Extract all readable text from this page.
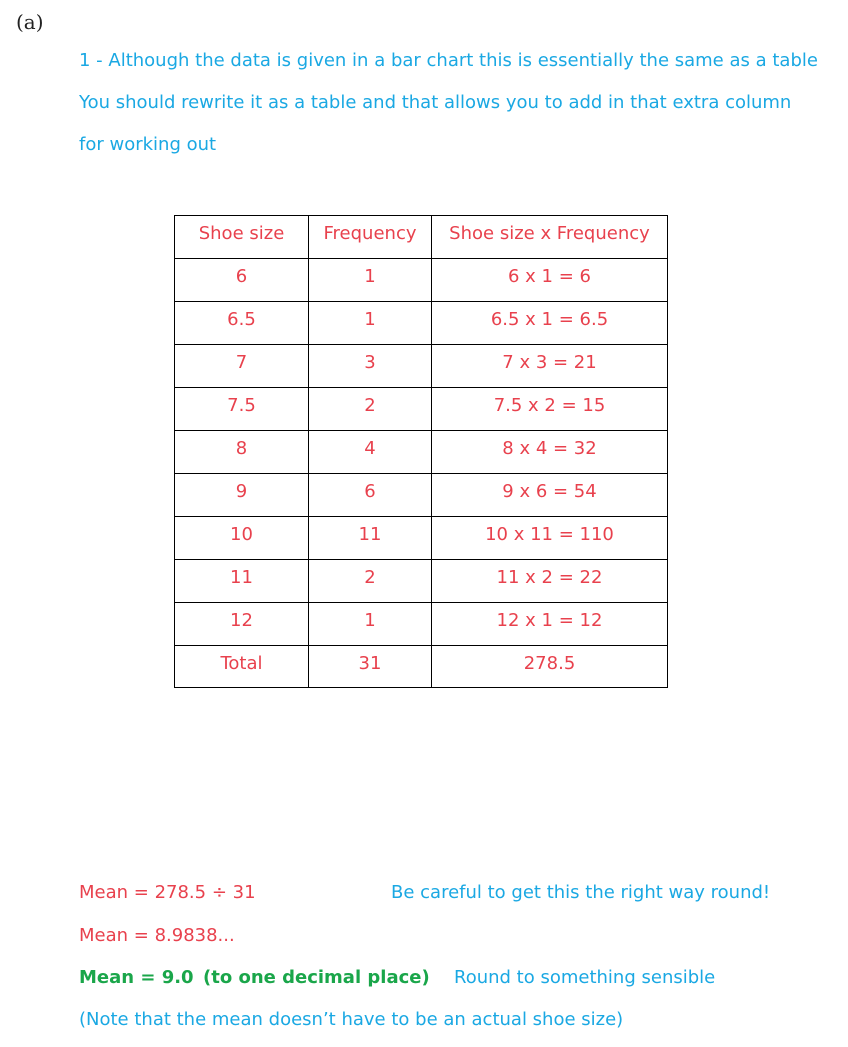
(a)
1 - Although the data is given in a bar chart this is essentially the same as a table
You should rewrite it as a table and that allows you to add in that extra column
for working out
Shoe size	Frequency	Shoe size x Frequency
6	1	6 x 1 = 6
6.5	1	6.5 x 1 = 6.5
7	3	7 x 3 = 21
7.5	2	7.5 x 2 = 15
8	4	8 x 4 = 32
9	6	9 x 6 = 54
10	11	10 x 11 = 110
11	2	11 x 2 = 22
12	1	12 x 1 = 12
Total	31	278.5
Mean = 278.5 ÷ 31	Be careful to get this the right way round!
Mean = 8.9838...
Mean = 9.0 (to one decimal place) Round to something sensible
(Note that the mean doesn’t have to be an actual shoe size)
